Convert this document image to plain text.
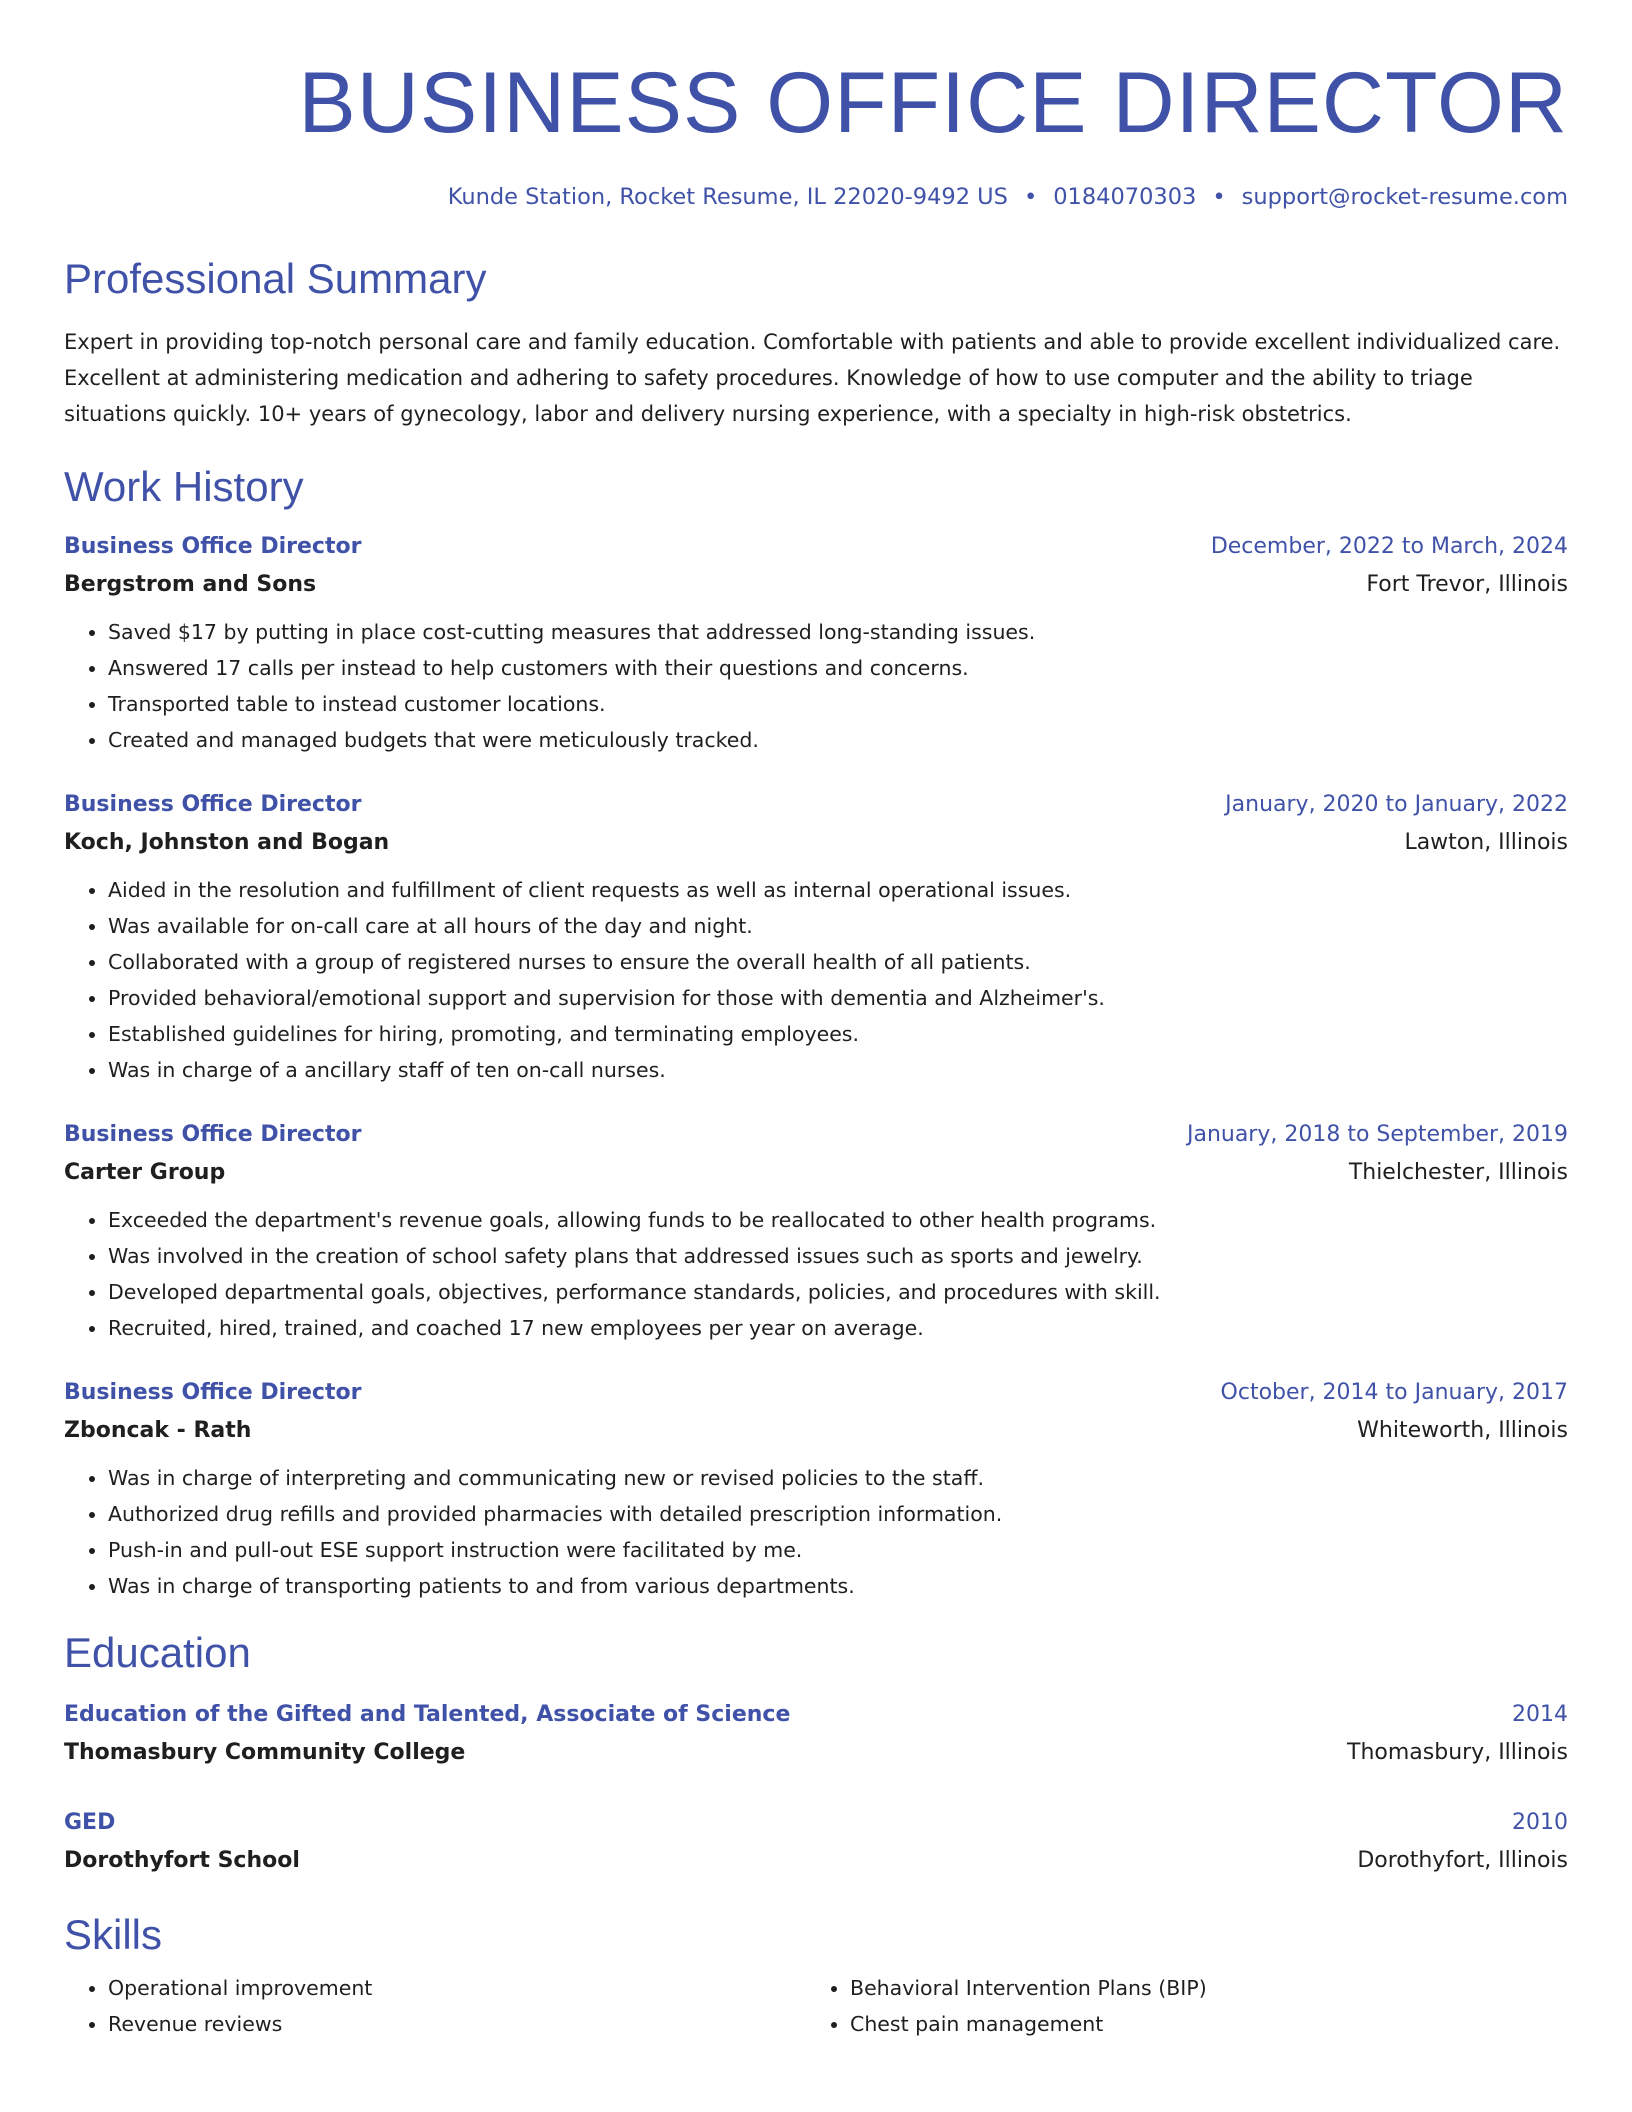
BUSINESS OFFICE DIRECTOR
Kunde Station, Rocket Resume, IL 22020-9492 US • 0184070303 • support@rocket-resume.com
Professional Summary
Expert in providing top-notch personal care and family education. Comfortable with patients and able to provide excellent individualized care.
Excellent at administering medication and adhering to safety procedures. Knowledge of how to use computer and the ability to triage
situations quickly. 10+ years of gynecology, labor and delivery nursing experience, with a specialty in high-risk obstetrics.
Work History
Business Office Director	December, 2022 to March, 2024
Bergstrom and Sons	Fort Trevor, Illinois
• Saved $17 by putting in place cost-cutting measures that addressed long-standing issues.
• Answered 17 calls per instead to help customers with their questions and concerns.
• Transported table to instead customer locations.
• Created and managed budgets that were meticulously tracked.
Business Office Director	January, 2020 to January, 2022
Koch, Johnston and Bogan	Lawton, Illinois
• Aided in the resolution and fulfillment of client requests as well as internal operational issues.
• Was available for on-call care at all hours of the day and night.
• Collaborated with a group of registered nurses to ensure the overall health of all patients.
• Provided behavioral/emotional support and supervision for those with dementia and Alzheimer's.
• Established guidelines for hiring, promoting, and terminating employees.
• Was in charge of a ancillary staff of ten on-call nurses.
Business Office Director	January, 2018 to September, 2019
Carter Group	Thielchester, Illinois
• Exceeded the department's revenue goals, allowing funds to be reallocated to other health programs.
• Was involved in the creation of school safety plans that addressed issues such as sports and jewelry.
• Developed departmental goals, objectives, performance standards, policies, and procedures with skill.
• Recruited, hired, trained, and coached 17 new employees per year on average.
Business Office Director	October, 2014 to January, 2017
Zboncak - Rath	Whiteworth, Illinois
• Was in charge of interpreting and communicating new or revised policies to the staff.
• Authorized drug refills and provided pharmacies with detailed prescription information.
• Push-in and pull-out ESE support instruction were facilitated by me.
• Was in charge of transporting patients to and from various departments.
Education
Education of the Gifted and Talented, Associate of Science	2014
Thomasbury Community College	Thomasbury, Illinois
GED	2010
Dorothyfort School	Dorothyfort, Illinois
Skills
• Operational improvement
• Revenue reviews
• Behavioral Intervention Plans (BIP)
• Chest pain management
